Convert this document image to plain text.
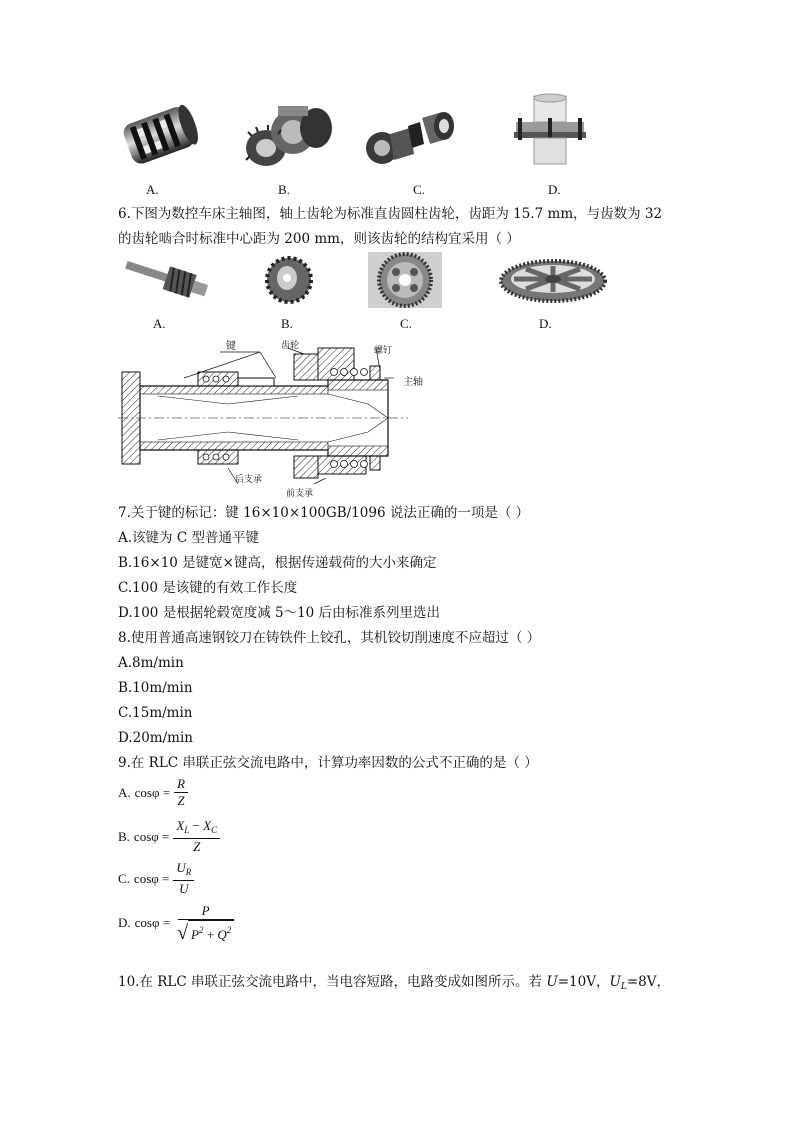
A.	B.	C.	D.
6.下图为数控车床主轴图，轴上齿轮为标准直齿圆柱齿轮，齿距为 15.7 mm，与齿数为 32
的齿轮啮合时标准中心距为 200 mm，则该齿轮的结构宜采用（ ）
A.	B.	C.	D.
键	齿轮	螺钉
主轴
后支承
前支承
7.关于键的标记：键 16×10×100GB/1096 说法正确的一项是（ ）
A.该键为 C 型普通平键
B.16×10 是键宽×键高，根据传递载荷的大小来确定
C.100 是该键的有效工作长度
D.100 是根据轮毂宽度减 5～10 后由标准系列里选出
8.使用普通高速钢铰刀在铸铁件上铰孔，其机铰切削速度不应超过（ ）
A.8m/min
B.10m/min
C.15m/min
D.20m/min
9.在 RLC 串联正弦交流电路中，计算功率因数的公式不正确的是（ ）
A. $\cos\varphi = \frac{R}{Z}$
B. $\cos\varphi = \frac{X_L - X_C}{Z}$
C. $\cos\varphi = \frac{U_R}{U}$
D. $\cos\varphi = \frac{P}{√ P^2 + Q^2}$
10.在 RLC 串联正弦交流电路中，当电容短路，电路变成如图所示。若 U=10V，$U_L=8V$，
